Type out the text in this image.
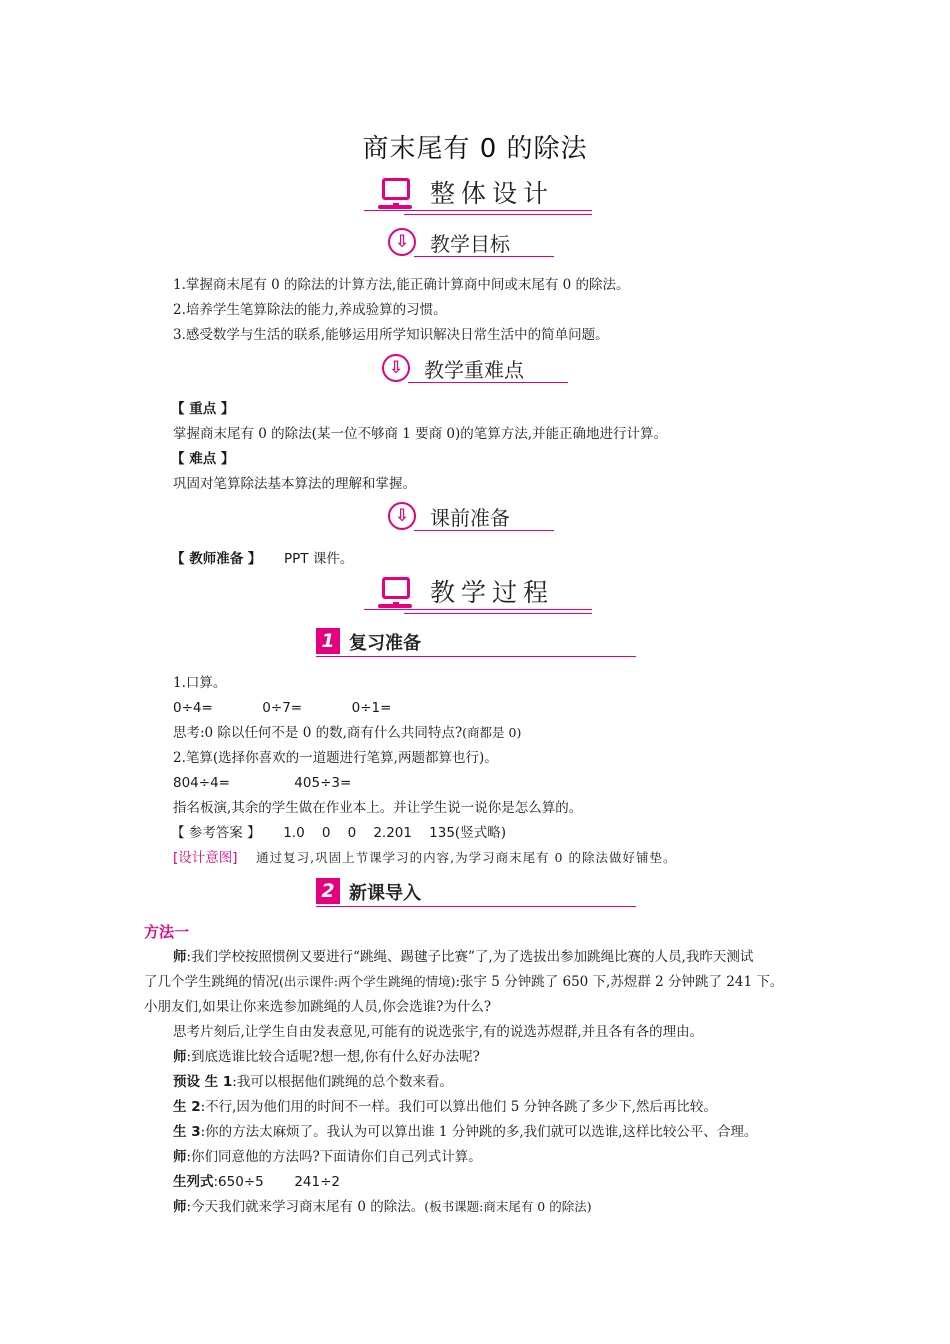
商末尾有 0 的除法
整体设计
⇩ 教学目标
1.掌握商末尾有 0 的除法的计算方法,能正确计算商中间或末尾有 0 的除法。
2.培养学生笔算除法的能力,养成验算的习惯。
3.感受数学与生活的联系,能够运用所学知识解决日常生活中的简单问题。
⇩ 教学重难点
【 重点 】
掌握商末尾有 0 的除法(某一位不够商 1 要商 0)的笔算方法,并能正确地进行计算。
【 难点 】
巩固对笔算除法基本算法的理解和掌握。
⇩ 课前准备
【 教师准备 】 PPT 课件。
教学过程
1 复习准备
1.口算。
0÷4=	0÷7=	0÷1=
思考:0 除以任何不是 0 的数,商有什么共同特点?(商都是 0)
2.笔算(选择你喜欢的一道题进行笔算,两题都算也行)。
804÷4=	405÷3=
指名板演,其余的学生做在作业本上。并让学生说一说你是怎么算的。
【 参考答案 】 1.0    0    0    2.201    135(竖式略)
[设计意图] 通过复习,巩固上节课学习的内容,为学习商末尾有 0 的除法做好铺垫。
2 新课导入
方法一
师:我们学校按照惯例又要进行“跳绳、踢毽子比赛”了,为了选拔出参加跳绳比赛的人员,我昨天测试
了几个学生跳绳的情况(出示课件:两个学生跳绳的情境):张宇 5 分钟跳了 650 下,苏煜群 2 分钟跳了 241 下。
小朋友们,如果让你来选参加跳绳的人员,你会选谁?为什么?
思考片刻后,让学生自由发表意见,可能有的说选张宇,有的说选苏煜群,并且各有各的理由。
师:到底选谁比较合适呢?想一想,你有什么好办法呢?
预设 生 1:我可以根据他们跳绳的总个数来看。
生 2:不行,因为他们用的时间不一样。我们可以算出他们 5 分钟各跳了多少下,然后再比较。
生 3:你的方法太麻烦了。我认为可以算出谁 1 分钟跳的多,我们就可以选谁,这样比较公平、合理。
师:你们同意他的方法吗?下面请你们自己列式计算。
生列式:650÷5 241÷2
师:今天我们就来学习商末尾有 0 的除法。(板书课题:商末尾有 0 的除法)
